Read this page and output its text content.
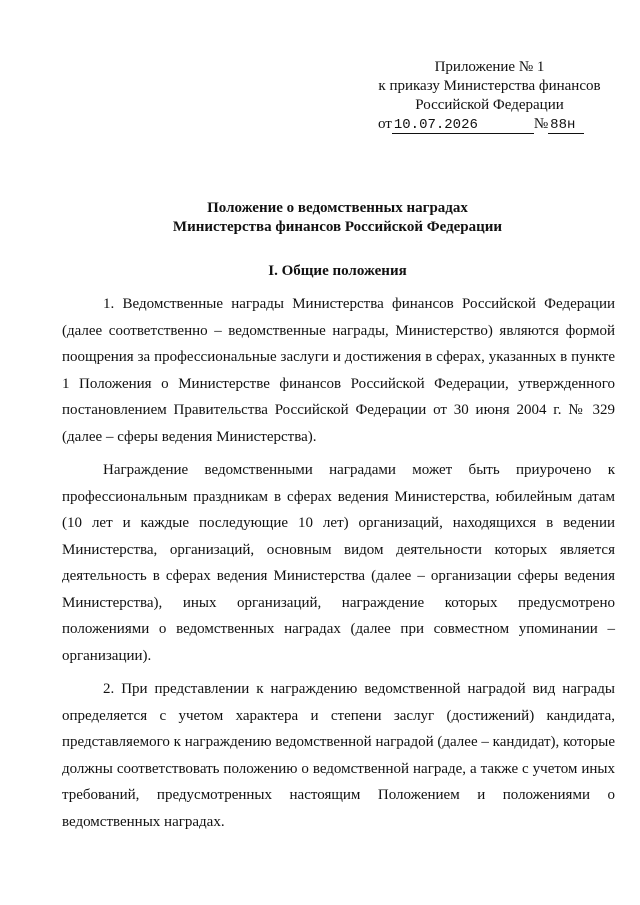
Приложение № 1
к приказу Министерства финансов
Российской Федерации
от 10.07.2026	№ 88н
Положение о ведомственных наградах
Министерства финансов Российской Федерации
I. Общие положения

1. Ведомственные награды Министерства финансов Российской Федерации (далее соответственно – ведомственные награды, Министерство) являются формой поощрения за профессиональные заслуги и достижения в сферах, указанных в пункте 1 Положения о Министерстве финансов Российской Федерации, утвержденного постановлением Правительства Российской Федерации от 30 июня 2004 г. № 329 (далее – сферы ведения Министерства).

Награждение ведомственными наградами может быть приурочено к профессиональным праздникам в сферах ведения Министерства, юбилейным датам (10 лет и каждые последующие 10 лет) организаций, находящихся в ведении Министерства, организаций, основным видом деятельности которых является деятельность в сферах ведения Министерства (далее – организации сферы ведения Министерства), иных организаций, награждение которых предусмотрено положениями о ведомственных наградах (далее при совместном упоминании – организации).

2. При представлении к награждению ведомственной наградой вид награды определяется с учетом характера и степени заслуг (достижений) кандидата, представляемого к награждению ведомственной наградой (далее – кандидат), которые должны соответствовать положению о ведомственной награде, а также с учетом иных требований, предусмотренных настоящим Положением и положениями о ведомственных наградах.
